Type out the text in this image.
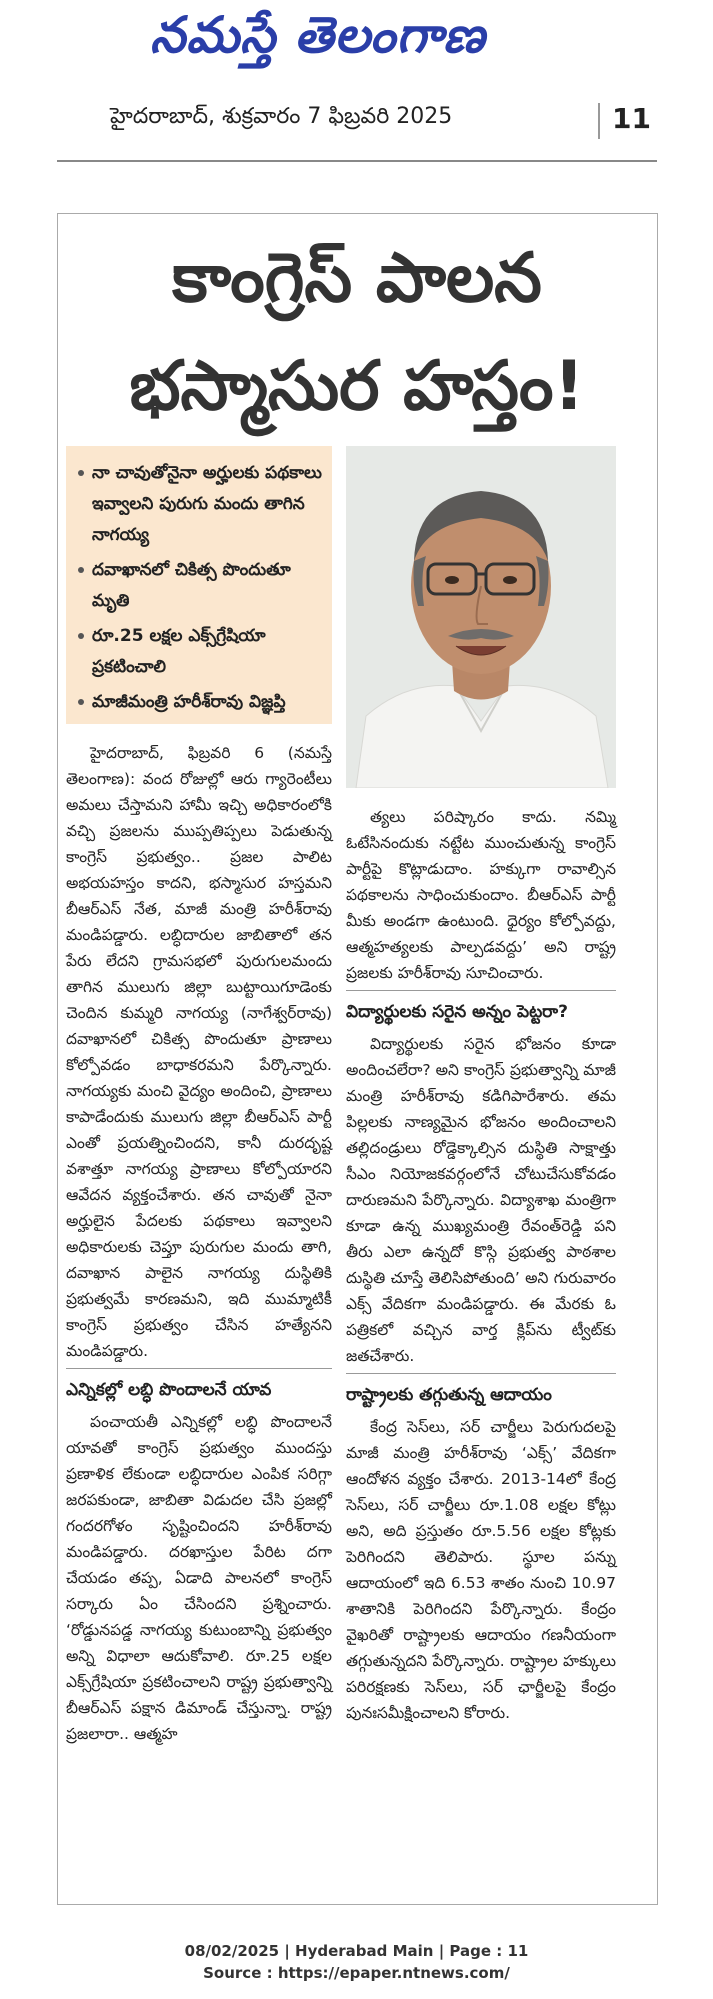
నమస్తే తెలంగాణ
హైదరాబాద్, శుక్రవారం 7 ఫిబ్రవరి 2025	11
కాంగ్రెస్ పాలన
భస్మాసుర హస్తం!
నా చావుతోనైనా అర్హులకు పథకాలు ఇవ్వాలని పురుగు మందు తాగిన నాగయ్య
దవాఖానలో చికిత్స పొందుతూ మృతి
రూ.25 లక్షల ఎక్స్‌గ్రేషియా ప్రకటించాలి
మాజీమంత్రి హరీశ్‌రావు విజ్ఞప్తి

హైదరాబాద్, ఫిబ్రవరి 6 (నమస్తే తెలంగాణ): వంద రోజుల్లో ఆరు గ్యారెంటీలు అమలు చేస్తామని హామీ ఇచ్చి అధికారంలోకి వచ్చి ప్రజలను ముప్పతిప్పలు పెడుతున్న కాంగ్రెస్ ప్రభుత్వం.. ప్రజల పాలిట అభయహస్తం కాదని, భస్మాసుర హస్తమని బీఆర్ఎస్ నేత, మాజీ మంత్రి హరీశ్‌రావు మండిపడ్డారు. లబ్ధిదారుల జాబితాలో తన పేరు లేదని గ్రామసభలో పురుగులమందు తాగిన ములుగు జిల్లా బుట్టాయిగూడెంకు చెందిన కుమ్మరి నాగయ్య (నాగేశ్వర్‌రావు) దవాఖానలో చికిత్స పొందుతూ ప్రాణాలు కోల్పోవడం బాధాకరమని పేర్కొన్నారు. నాగయ్యకు మంచి వైద్యం అందించి, ప్రాణాలు కాపాడేందుకు ములుగు జిల్లా బీఆర్ఎస్ పార్టీ ఎంతో ప్రయత్నించిందని, కానీ దురదృష్ట వశాత్తూ నాగయ్య ప్రాణాలు కోల్పోయారని ఆవేదన వ్యక్తంచేశారు. తన చావుతో నైనా అర్హులైన పేదలకు పథకాలు ఇవ్వాలని అధికారులకు చెప్తూ పురుగుల మందు తాగి, దవాఖాన పాలైన నాగయ్య దుస్థితికి ప్రభుత్వమే కారణమని, ఇది ముమ్మాటికీ కాంగ్రెస్ ప్రభుత్వం చేసిన హత్యేనని మండిపడ్డారు.

ఎన్నికల్లో లబ్ధి పొందాలనే యావ

పంచాయతీ ఎన్నికల్లో లబ్ధి పొందాలనే యావతో కాంగ్రెస్ ప్రభుత్వం ముందస్తు ప్రణాళిక లేకుండా లబ్ధిదారుల ఎంపిక సరిగ్గా జరపకుండా, జాబితా విడుదల చేసి ప్రజల్లో గందరగోళం సృష్టించిందని హరీశ్‌రావు మండిపడ్డారు. దరఖాస్తుల పేరిట దగా చేయడం తప్ప, ఏడాది పాలనలో కాంగ్రెస్ సర్కారు ఏం చేసిందని ప్రశ్నించారు. ‘రోడ్డునపడ్డ నాగయ్య కుటుంబాన్ని ప్రభుత్వం అన్ని విధాలా ఆదుకోవాలి. రూ.25 లక్షల ఎక్స్‌గ్రేషియా ప్రకటించాలని రాష్ట్ర ప్రభుత్వాన్ని బీఆర్ఎస్ పక్షాన డిమాండ్ చేస్తున్నా. రాష్ట్ర ప్రజలారా.. ఆత్మహ

త్యలు పరిష్కారం కాదు. నమ్మి ఓటేసినందుకు నట్టేట ముంచుతున్న కాంగ్రెస్ పార్టీపై కొట్లాడుదాం. హక్కుగా రావాల్సిన పథకాలను సాధించుకుందాం. బీఆర్ఎస్ పార్టీ మీకు అండగా ఉంటుంది. ధైర్యం కోల్పోవద్దు, ఆత్మహత్యలకు పాల్పడవద్దు’ అని రాష్ట్ర ప్రజలకు హరీశ్‌రావు సూచించారు.

విద్యార్థులకు సరైన అన్నం పెట్టరా?

విద్యార్థులకు సరైన భోజనం కూడా అందించలేరా? అని కాంగ్రెస్ ప్రభుత్వాన్ని మాజీ మంత్రి హరీశ్‌రావు కడిగిపారేశారు. తమ పిల్లలకు నాణ్యమైన భోజనం అందించాలని తల్లిదండ్రులు రోడ్డెక్కాల్సిన దుస్థితి సాక్షాత్తు సీఎం నియోజకవర్గంలోనే చోటుచేసుకోవడం దారుణమని పేర్కొన్నారు. విద్యాశాఖ మంత్రిగా కూడా ఉన్న ముఖ్యమంత్రి రేవంత్‌రెడ్డి పని తీరు ఎలా ఉన్నదో కొస్గి ప్రభుత్వ పాఠశాల దుస్థితి చూస్తే తెలిసిపోతుంది’ అని గురువారం ఎక్స్ వేదికగా మండిపడ్డారు. ఈ మేరకు ఓ పత్రికలో వచ్చిన వార్త క్లిప్‌ను ట్వీట్‌కు జతచేశారు.

రాష్ట్రాలకు తగ్గుతున్న ఆదాయం

కేంద్ర సెస్‌లు, సర్ చార్జీలు పెరుగుదలపై మాజీ మంత్రి హరీశ్‌రావు ‘ఎక్స్’ వేదికగా ఆందోళన వ్యక్తం చేశారు. 2013-14లో కేంద్ర సెస్‌లు, సర్ చార్జీలు రూ.1.08 లక్షల కోట్లు అని, అది ప్రస్తుతం రూ.5.56 లక్షల కోట్లకు పెరిగిందని తెలిపారు. స్థూల పన్ను ఆదాయంలో ఇది 6.53 శాతం నుంచి 10.97 శాతానికి పెరిగిందని పేర్కొన్నారు. కేంద్రం వైఖరితో రాష్ట్రాలకు ఆదాయం గణనీయంగా తగ్గుతున్నదని పేర్కొన్నారు. రాష్ట్రాల హక్కులు పరిరక్షణకు సెస్‌లు, సర్ ఛార్జీలపై కేంద్రం పునఃసమీక్షించాలని కోరారు.

08/02/2025 | Hyderabad Main | Page : 11
Source : https://epaper.ntnews.com/
